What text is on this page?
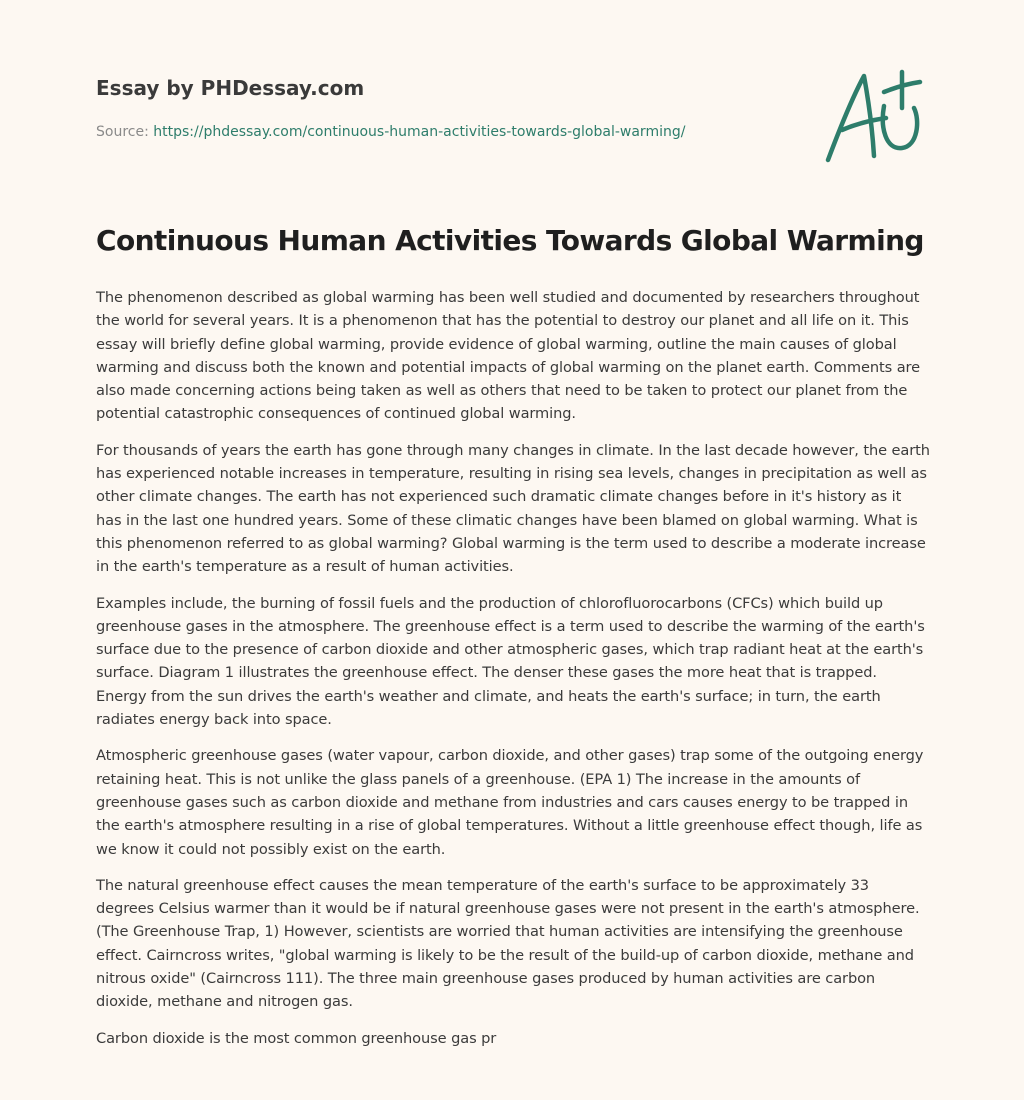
Essay by PHDessay.com
Source: https://phdessay.com/continuous-human-activities-towards-global-warming/
Continuous Human Activities Towards Global Warming

The phenomenon described as global warming has been well studied and documented by researchers throughout the world for several years. It is a phenomenon that has the potential to destroy our planet and all life on it. This essay will briefly define global warming, provide evidence of global warming, outline the main causes of global warming and discuss both the known and potential impacts of global warming on the planet earth. Comments are also made concerning actions being taken as well as others that need to be taken to protect our planet from the potential catastrophic consequences of continued global warming.

For thousands of years the earth has gone through many changes in climate. In the last decade however, the earth has experienced notable increases in temperature, resulting in rising sea levels, changes in precipitation as well as other climate changes. The earth has not experienced such dramatic climate changes before in it's history as it has in the last one hundred years. Some of these climatic changes have been blamed on global warming. What is this phenomenon referred to as global warming? Global warming is the term used to describe a moderate increase in the earth's temperature as a result of human activities.

Examples include, the burning of fossil fuels and the production of chlorofluorocarbons (CFCs) which build up greenhouse gases in the atmosphere. The greenhouse effect is a term used to describe the warming of the earth's surface due to the presence of carbon dioxide and other atmospheric gases, which trap radiant heat at the earth's surface. Diagram 1 illustrates the greenhouse effect. The denser these gases the more heat that is trapped. Energy from the sun drives the earth's weather and climate, and heats the earth's surface; in turn, the earth radiates energy back into space.

Atmospheric greenhouse gases (water vapour, carbon dioxide, and other gases) trap some of the outgoing energy retaining heat. This is not unlike the glass panels of a greenhouse. (EPA 1) The increase in the amounts of greenhouse gases such as carbon dioxide and methane from industries and cars causes energy to be trapped in the earth's atmosphere resulting in a rise of global temperatures. Without a little greenhouse effect though, life as we know it could not possibly exist on the earth.

The natural greenhouse effect causes the mean temperature of the earth's surface to be approximately 33 degrees Celsius warmer than it would be if natural greenhouse gases were not present in the earth's atmosphere. (The Greenhouse Trap, 1) However, scientists are worried that human activities are intensifying the greenhouse effect. Cairncross writes, "global warming is likely to be the result of the build-up of carbon dioxide, methane and nitrous oxide" (Cairncross 111). The three main greenhouse gases produced by human activities are carbon dioxide, methane and nitrogen gas.

Carbon dioxide is the most common greenhouse gas pr
